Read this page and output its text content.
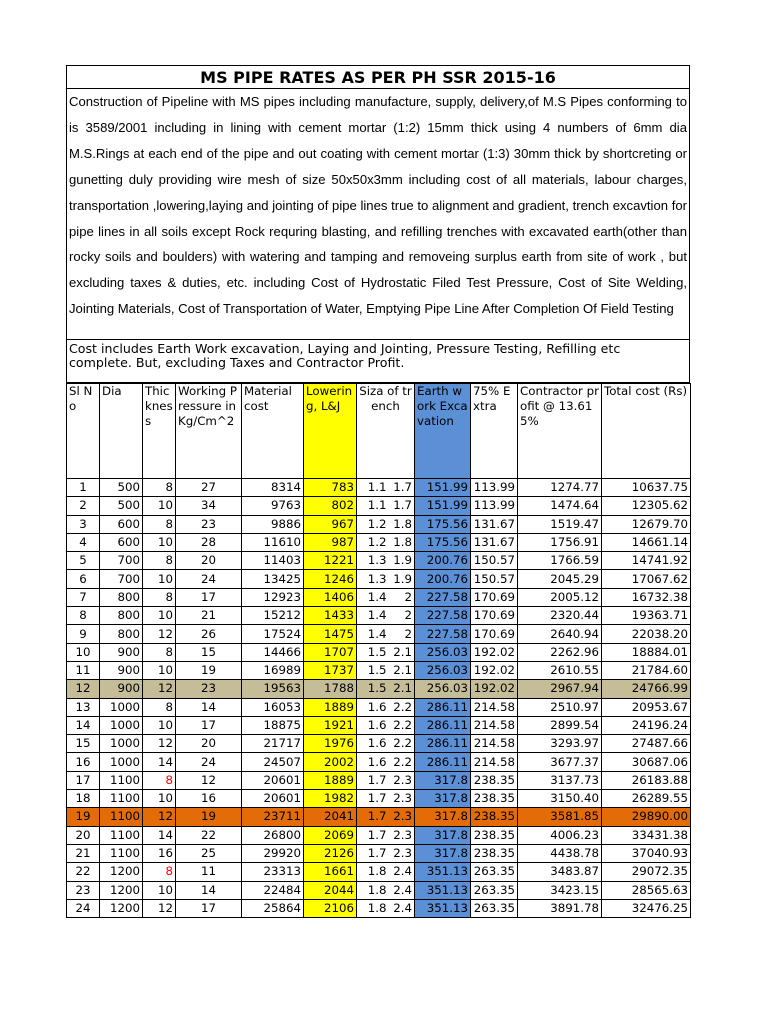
MS PIPE RATES AS PER PH SSR 2015-16
Construction of Pipeline with MS pipes including manufacture, supply, delivery,of M.S Pipes conforming to is 3589/2001 including in lining with cement mortar (1:2) 15mm thick using 4 numbers of 6mm dia M.S.Rings at each end of the pipe and out coating with cement mortar (1:3) 30mm thick by shortcreting or gunetting duly providing wire mesh of size 50x50x3mm including cost of all materials, labour charges, transportation ,lowering,laying and jointing of pipe lines true to alignment and gradient, trench excavtion for pipe lines in all soils except Rock requring blasting, and refilling trenches with excavated earth(other than rocky soils and boulders) with watering and tamping and removeing surplus earth from site of work , but excluding taxes & duties, etc. including Cost of Hydrostatic Filed Test Pressure, Cost of Site Welding, Jointing Materials, Cost of Transportation of Water, Emptying Pipe Line After Completion Of Field Testing
Cost includes Earth Work excavation, Laying and Jointing, Pressure Testing, Refilling etc complete. But, excluding Taxes and Contractor Profit.
Sl No	Dia	Thicknes s	Working Pressure in Kg/Cm^2	Material cost	Lowering, L&J	Siza of trench		Earth work Excavation	75% Extra	Contractor profit @ 13.615%	Total cost (Rs)
1	500	8	27	8314	783	1.1	1.7	151.99	113.99	1274.77	10637.75
2	500	10	34	9763	802	1.1	1.7	151.99	113.99	1474.64	12305.62
3	600	8	23	9886	967	1.2	1.8	175.56	131.67	1519.47	12679.70
4	600	10	28	11610	987	1.2	1.8	175.56	131.67	1756.91	14661.14
5	700	8	20	11403	1221	1.3	1.9	200.76	150.57	1766.59	14741.92
6	700	10	24	13425	1246	1.3	1.9	200.76	150.57	2045.29	17067.62
7	800	8	17	12923	1406	1.4	2	227.58	170.69	2005.12	16732.38
8	800	10	21	15212	1433	1.4	2	227.58	170.69	2320.44	19363.71
9	800	12	26	17524	1475	1.4	2	227.58	170.69	2640.94	22038.20
10	900	8	15	14466	1707	1.5	2.1	256.03	192.02	2262.96	18884.01
11	900	10	19	16989	1737	1.5	2.1	256.03	192.02	2610.55	21784.60
12	900	12	23	19563	1788	1.5	2.1	256.03	192.02	2967.94	24766.99
13	1000	8	14	16053	1889	1.6	2.2	286.11	214.58	2510.97	20953.67
14	1000	10	17	18875	1921	1.6	2.2	286.11	214.58	2899.54	24196.24
15	1000	12	20	21717	1976	1.6	2.2	286.11	214.58	3293.97	27487.66
16	1000	14	24	24507	2002	1.6	2.2	286.11	214.58	3677.37	30687.06
17	1100	8	12	20601	1889	1.7	2.3	317.8	238.35	3137.73	26183.88
18	1100	10	16	20601	1982	1.7	2.3	317.8	238.35	3150.40	26289.55
19	1100	12	19	23711	2041	1.7	2.3	317.8	238.35	3581.85	29890.00
20	1100	14	22	26800	2069	1.7	2.3	317.8	238.35	4006.23	33431.38
21	1100	16	25	29920	2126	1.7	2.3	317.8	238.35	4438.78	37040.93
22	1200	8	11	23313	1661	1.8	2.4	351.13	263.35	3483.87	29072.35
23	1200	10	14	22484	2044	1.8	2.4	351.13	263.35	3423.15	28565.63
24	1200	12	17	25864	2106	1.8	2.4	351.13	263.35	3891.78	32476.25
